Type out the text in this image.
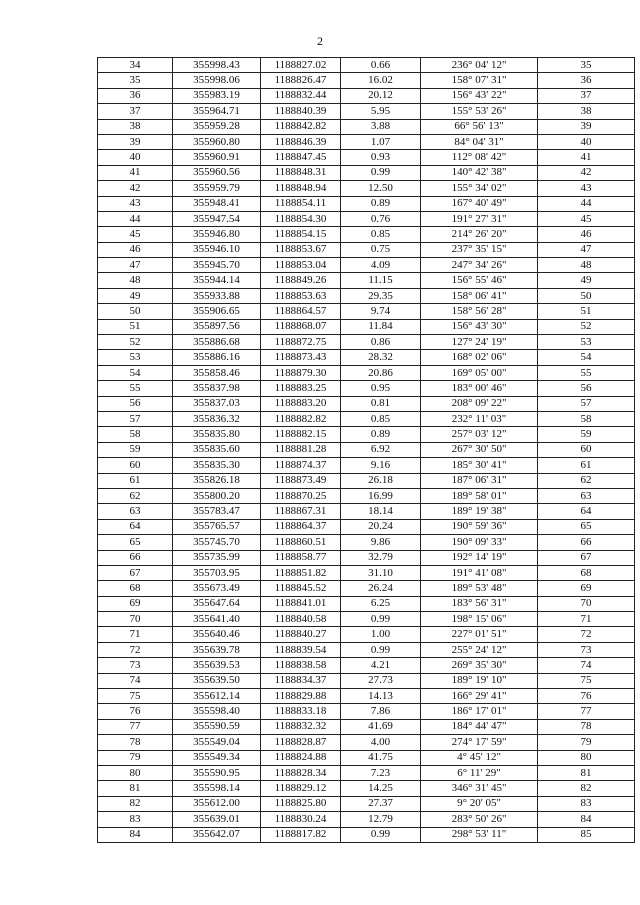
2
34	355998.43	1188827.02	0.66	236° 04' 12"	35
35	355998.06	1188826.47	16.02	158° 07' 31"	36
36	355983.19	1188832.44	20.12	156° 43' 22"	37
37	355964.71	1188840.39	5.95	155° 53' 26"	38
38	355959.28	1188842.82	3.88	66° 56' 13"	39
39	355960.80	1188846.39	1.07	84° 04' 31"	40
40	355960.91	1188847.45	0.93	112° 08' 42"	41
41	355960.56	1188848.31	0.99	140° 42' 38"	42
42	355959.79	1188848.94	12.50	155° 34' 02"	43
43	355948.41	1188854.11	0.89	167° 40' 49"	44
44	355947.54	1188854.30	0.76	191° 27' 31"	45
45	355946.80	1188854.15	0.85	214° 26' 20"	46
46	355946.10	1188853.67	0.75	237° 35' 15"	47
47	355945.70	1188853.04	4.09	247° 34' 26"	48
48	355944.14	1188849.26	11.15	156° 55' 46"	49
49	355933.88	1188853.63	29.35	158° 06' 41"	50
50	355906.65	1188864.57	9.74	158° 56' 28"	51
51	355897.56	1188868.07	11.84	156° 43' 30"	52
52	355886.68	1188872.75	0.86	127° 24' 19"	53
53	355886.16	1188873.43	28.32	168° 02' 06"	54
54	355858.46	1188879.30	20.86	169° 05' 00"	55
55	355837.98	1188883.25	0.95	183° 00' 46"	56
56	355837.03	1188883.20	0.81	208° 09' 22"	57
57	355836.32	1188882.82	0.85	232° 11' 03"	58
58	355835.80	1188882.15	0.89	257° 03' 12"	59
59	355835.60	1188881.28	6.92	267° 30' 50"	60
60	355835.30	1188874.37	9.16	185° 30' 41"	61
61	355826.18	1188873.49	26.18	187° 06' 31"	62
62	355800.20	1188870.25	16.99	189° 58' 01"	63
63	355783.47	1188867.31	18.14	189° 19' 38"	64
64	355765.57	1188864.37	20.24	190° 59' 36"	65
65	355745.70	1188860.51	9.86	190° 09' 33"	66
66	355735.99	1188858.77	32.79	192° 14' 19"	67
67	355703.95	1188851.82	31.10	191° 41' 08"	68
68	355673.49	1188845.52	26.24	189° 53' 48"	69
69	355647.64	1188841.01	6.25	183° 56' 31"	70
70	355641.40	1188840.58	0.99	198° 15' 06"	71
71	355640.46	1188840.27	1.00	227° 01' 51"	72
72	355639.78	1188839.54	0.99	255° 24' 12"	73
73	355639.53	1188838.58	4.21	269° 35' 30"	74
74	355639.50	1188834.37	27.73	189° 19' 10"	75
75	355612.14	1188829.88	14.13	166° 29' 41"	76
76	355598.40	1188833.18	7.86	186° 17' 01"	77
77	355590.59	1188832.32	41.69	184° 44' 47"	78
78	355549.04	1188828.87	4.00	274° 17' 59"	79
79	355549.34	1188824.88	41.75	4° 45' 12"	80
80	355590.95	1188828.34	7.23	6° 11' 29"	81
81	355598.14	1188829.12	14.25	346° 31' 45"	82
82	355612.00	1188825.80	27.37	9° 20' 05"	83
83	355639.01	1188830.24	12.79	283° 50' 26"	84
84	355642.07	1188817.82	0.99	298° 53' 11"	85
